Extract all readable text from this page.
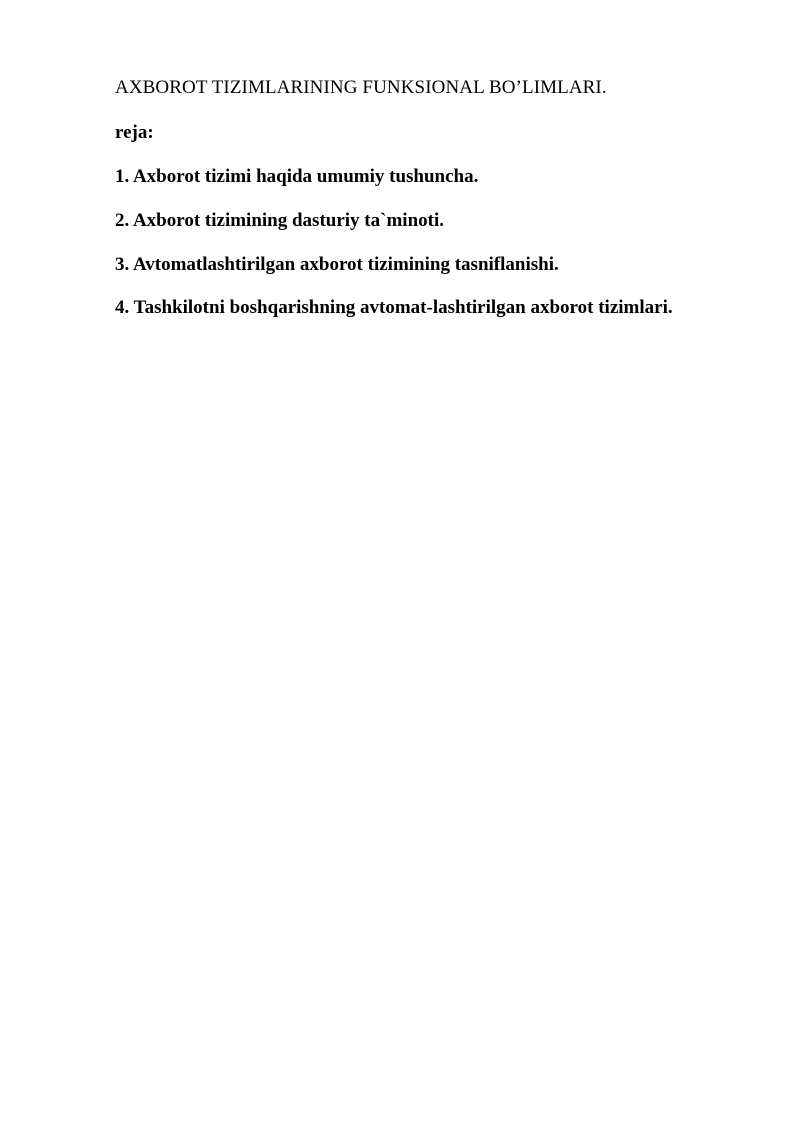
AXBOROT TIZIMLARINING FUNKSIONAL BO’LIMLARI.

reja:

1. Axborot tizimi haqida umumiy tushuncha.

2. Axborot tizimining dasturiy ta`minoti.

3. Avtomatlashtirilgan axborot tizimining tasniflanishi.

4. Tashkilotni boshqarishning avtomat-lashtirilgan axborot tizimlari.
